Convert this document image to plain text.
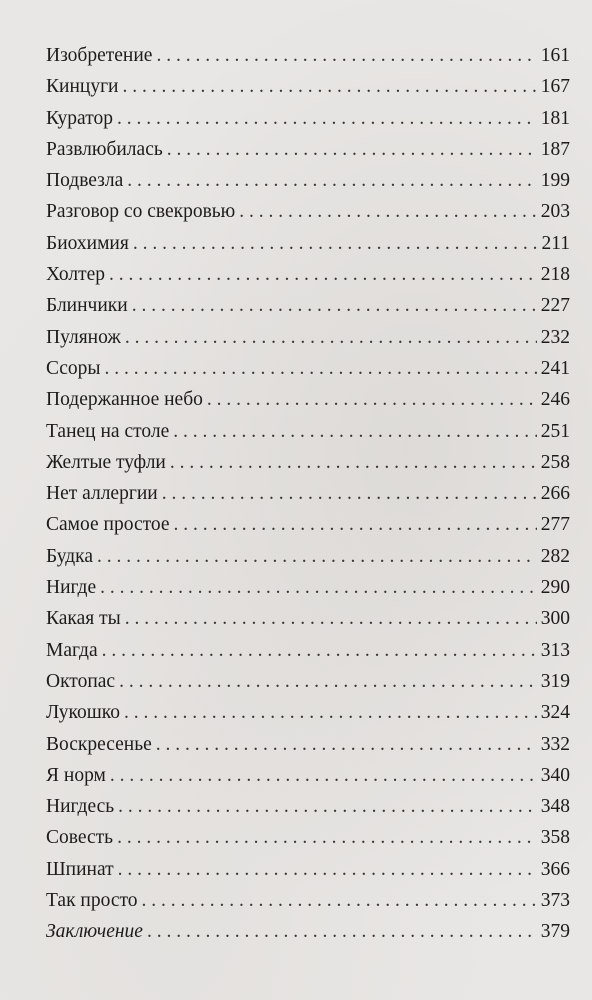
Изобретение . . .	161
Кинцуги . . .	167
Куратор . . .	181
Развлюбилась . . .	187
Подвезла . . .	199
Разговор со свекровью . . .	203
Биохимия . . .	211
Холтер . . .	218
Блинчики . . .	227
Пулянож . . .	232
Ссоры . . .	241
Подержанное небо . . .	246
Танец на столе . . .	251
Желтые туфли . . .	258
Нет аллергии . . .	266
Самое простое . . .	277
Будка . . .	282
Нигде . . .	290
Какая ты . . .	300
Магда . . .	313
Октопас . . .	319
Лукошко . . .	324
Воскресенье . . .	332
Я норм . . .	340
Нигдесь . . .	348
Совесть . . .	358
Шпинат . . .	366
Так просто . . .	373
Заключение . . .	379
